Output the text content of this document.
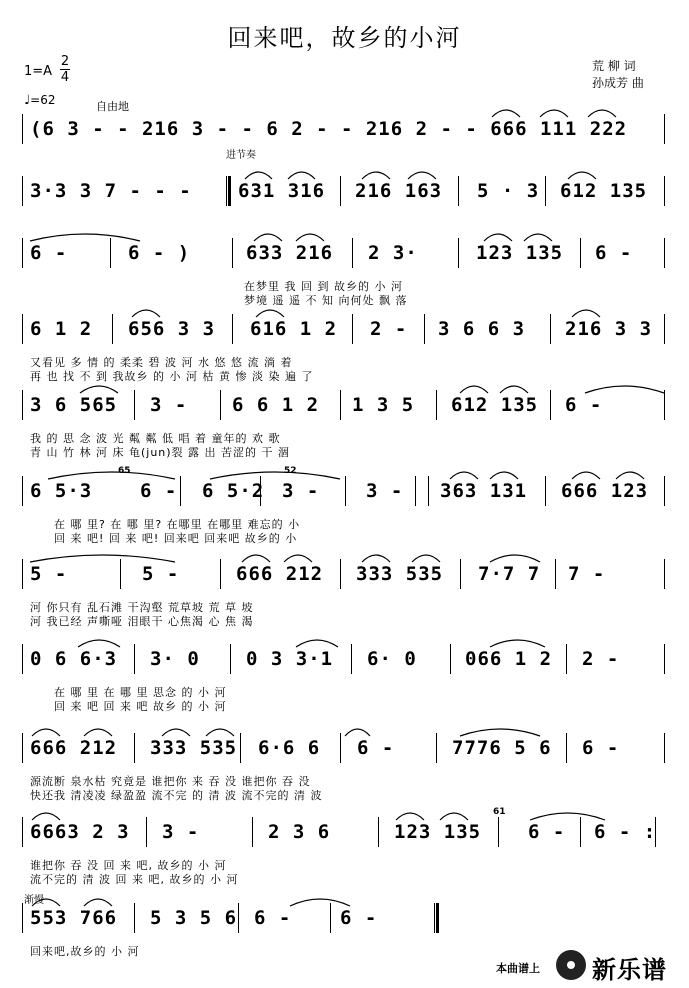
回来吧，故乡的小河
1=A
2
4
♩=62	自由地
荒 柳 词
孙成芳 曲
(6 3 - - 216 3 - - 6 2 - - 216 2 - - 666 111 222
进节奏
3·3 3 7 - - - 631 316 216 163 5 · 3 612 135
6 -	6 - )	633 216 2 3·	123 135 6 -
在梦里 我 回 到 故乡的 小 河
梦境 遥 遥 不 知 向何处 飘 落
6 1 2 656 3 3 616 1 2 2 - 3 6 6 3 216 3 3
又看见 多 情 的 柔柔 碧 波 河 水 悠 悠 流 淌 着
再 也 找 不 到 我故乡 的 小 河 枯 黄 惨 淡 染 遍 了
3 6 565 3 - 6 6 1 2 1 3 5 612 135 6 -
我 的 思 念 波 光 粼 粼 低 唱 着 童年的 欢 歌
青 山 竹 林 河 床 龟(jun)裂 露 出 苦涩的 干 涸
6 5·3	6 - 6 5·2 3 - 3 - 363 131 666 123
在 哪 里? 在 哪 里? 在哪里 在哪里 难忘的 小
回 来 吧! 回 来 吧! 回来吧 回来吧 故乡的 小
5 -	5 -	666 212 333 535 7·7 7 7 -
河 你只有 乱石滩 干沟壑 荒草坡 荒 草 坡
河 我已经 声嘶哑 泪眼干 心焦渴 心 焦 渴
0 6 6·3 3· 0 0 3 3·1 6· 0	066 1 2 2 -
在 哪 里 在 哪 里 思念 的 小 河
回 来 吧 回 来 吧 故乡 的 小 河
666 212 333 535 6·6 6 6 -	7776 5 6 6 -
源流断 泉水枯 究竟是 谁把你 来 吞 没 谁把你 吞 没
快还我 清凌凌 绿盈盈 流不完 的 清 波 流不完的 清 波
6663 2 3 3 -	2 3 6	123 135 6 - 6 - :
谁把你 吞 没 回 来 吧, 故乡的 小 河
流不完的 清 波 回 来 吧, 故乡的 小 河
553 766 5 3 5 6 6 -	6 -
渐慢
回来吧,故乡的 小 河
本曲谱上 新乐谱
65	52
61
